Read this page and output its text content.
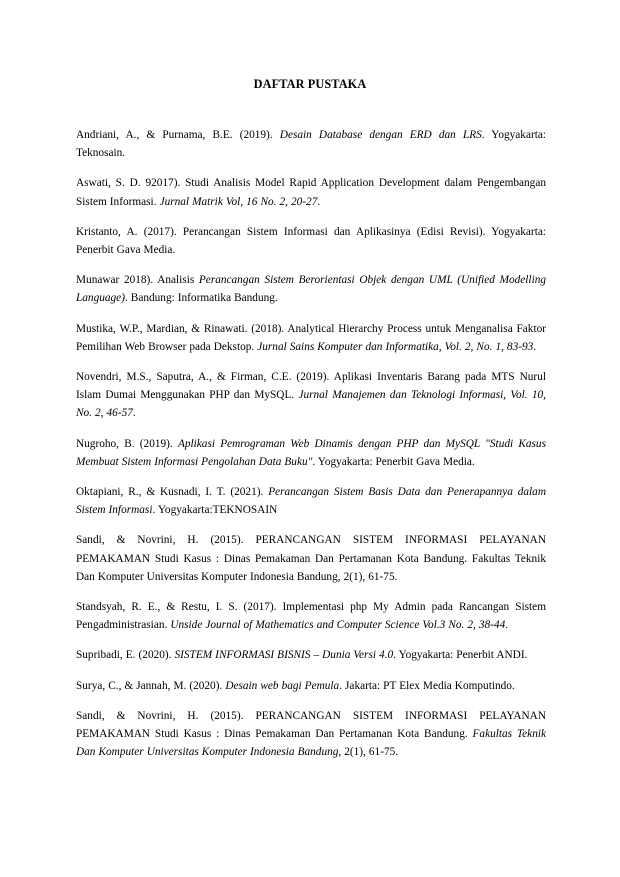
DAFTAR PUSTAKA

Andriani, A., & Purnama, B.E. (2019). Desain Database dengan ERD dan LRS. Yogyakarta: Teknosain.

Aswati, S. D. 92017). Studi Analisis Model Rapid Application Development dalam Pengembangan Sistem Informasi. Jurnal Matrik Vol, 16 No. 2, 20-27.

Kristanto, A. (2017). Perancangan Sistem Informasi dan Aplikasinya (Edisi Revisi). Yogyakarta: Penerbit Gava Media.

Munawar 2018). Analisis Perancangan Sistem Berorientasi Objek dengan UML (Unified Modelling Language). Bandung: Informatika Bandung.

Mustika, W.P., Mardian, & Rinawati. (2018). Analytical Hierarchy Process untuk Menganalisa Faktor Pemilihan Web Browser pada Dekstop. Jurnal Sains Komputer dan Informatika, Vol. 2, No. 1, 83-93.

Novendri, M.S., Saputra, A., & Firman, C.E. (2019). Aplikasi Inventaris Barang pada MTS Nurul Islam Dumai Menggunakan PHP dan MySQL. Jurnal Manajemen dan Teknologi Informasi, Vol. 10, No. 2, 46-57.

Nugroho, B. (2019). Aplikasi Pemrograman Web Dinamis dengan PHP dan MySQL "Studi Kasus Membuat Sistem Informasi Pengolahan Data Buku". Yogyakarta: Penerbit Gava Media.

Oktapiani, R., & Kusnadi, I. T. (2021). Perancangan Sistem Basis Data dan Penerapannya dalam Sistem Informasi. Yogyakarta:TEKNOSAIN

Sandi, & Novrini, H. (2015). PERANCANGAN SISTEM INFORMASI PELAYANAN PEMAKAMAN Studi Kasus : Dinas Pemakaman Dan Pertamanan Kota Bandung. Fakultas Teknik Dan Komputer Universitas Komputer Indonesia Bandung, 2(1), 61-75.

Standsyah, R. E., & Restu, I. S. (2017). Implementasi php My Admin pada Rancangan Sistem Pengadministrasian. Unside Journal of Mathematics and Computer Science Vol.3 No. 2, 38-44.

Supribadi, E. (2020). SISTEM INFORMASI BISNIS – Dunia Versi 4.0. Yogyakarta: Penerbit ANDI.

Surya, C., & Jannah, M. (2020). Desain web bagi Pemula. Jakarta: PT Elex Media Komputindo.

Sandi, & Novrini, H. (2015). PERANCANGAN SISTEM INFORMASI PELAYANAN PEMAKAMAN Studi Kasus : Dinas Pemakaman Dan Pertamanan Kota Bandung. Fakultas Teknik Dan Komputer Universitas Komputer Indonesia Bandung, 2(1), 61-75.
